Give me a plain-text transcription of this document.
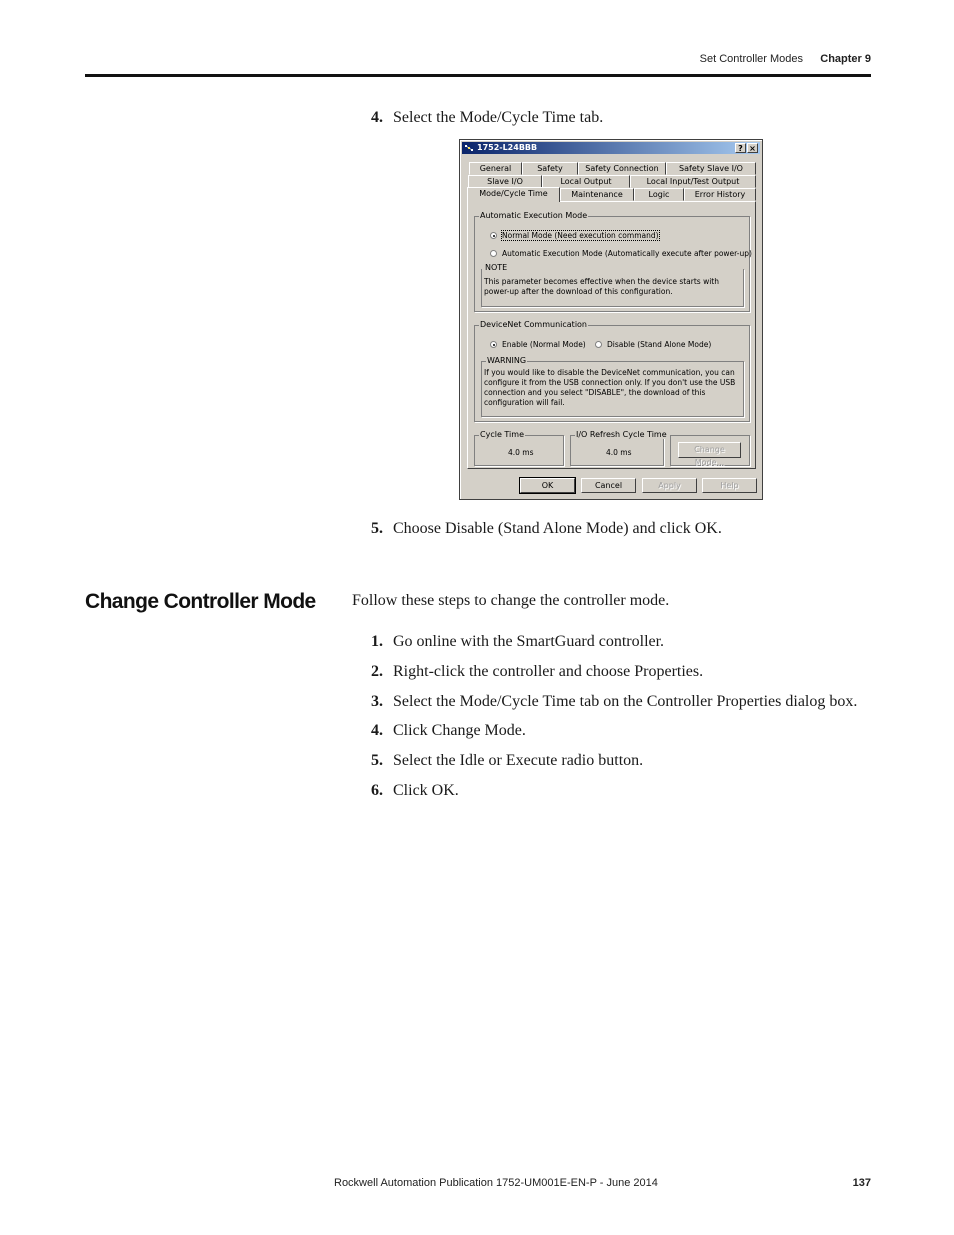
Set Controller Modes Chapter 9
4. Select the Mode/Cycle Time tab.
1752-L24BBB	? ×
General	Safety	Safety Connection	Safety Slave I/O
Slave I/O	Local Output	Local Input/Test Output
Mode/Cycle Time	Maintenance	Logic	Error History
Automatic Execution Mode
Normal Mode (Need execution command)
Automatic Execution Mode (Automatically execute after power-up)
NOTE
This parameter becomes effective when the device starts with
power-up after the download of this configuration.
DeviceNet Communication
Enable (Normal Mode)	Disable (Stand Alone Mode)
WARNING
If you would like to disable the DeviceNet communication, you can
configure it from the USB connection only. If you don't use the USB
connection and you select "DISABLE", the download of this
configuration will fail.
Cycle Time
4.0 ms
I/O Refresh Cycle Time
4.0 ms	Change Mode...
OK	Cancel	Apply	Help
5. Choose Disable (Stand Alone Mode) and click OK.
Change Controller Mode Follow these steps to change the controller mode.
1. Go online with the SmartGuard controller.
2. Right-click the controller and choose Properties.
3. Select the Mode/Cycle Time tab on the Controller Properties dialog box.
4. Click Change Mode.
5. Select the Idle or Execute radio button.
6. Click OK.
Rockwell Automation Publication 1752-UM001E-EN-P - June 2014	137
